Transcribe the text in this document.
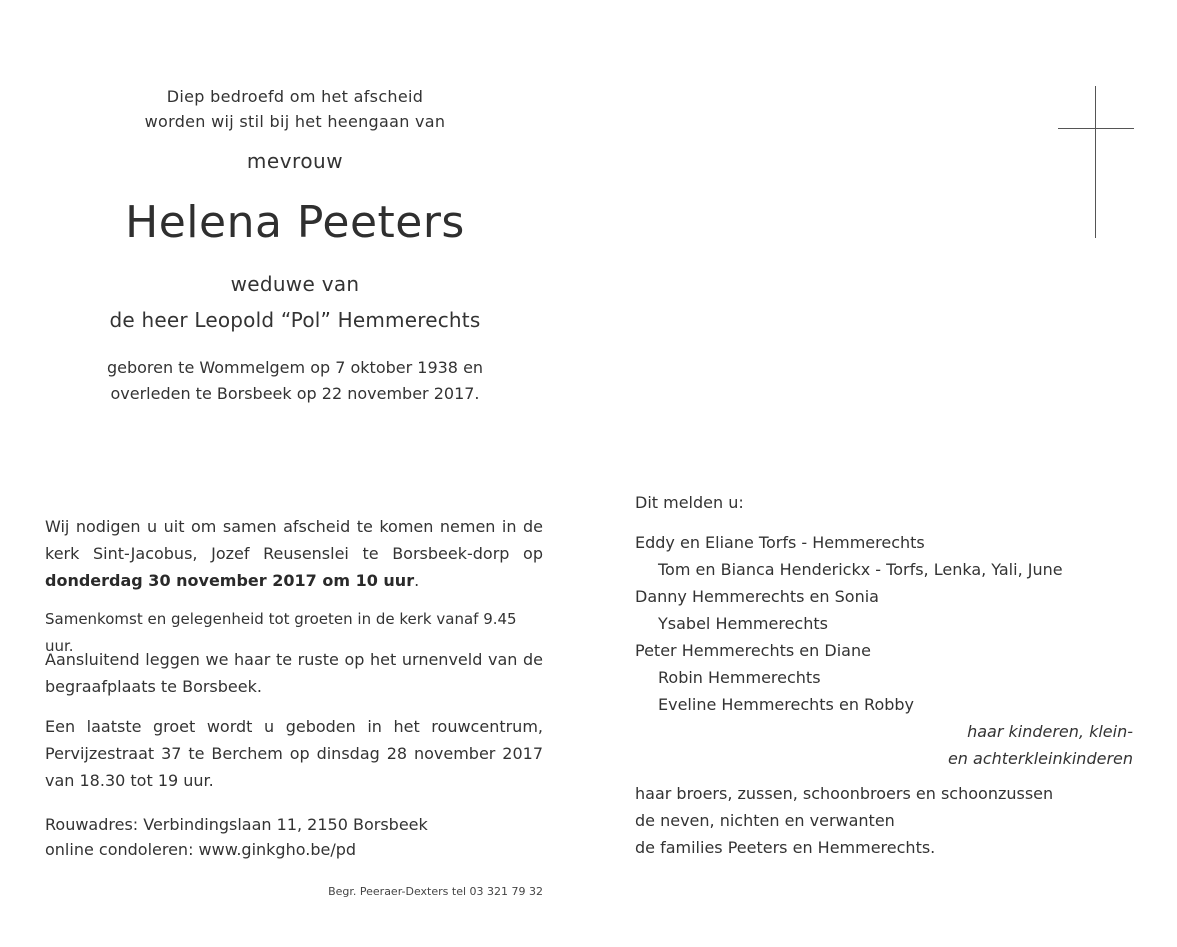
Diep bedroefd om het afscheid
worden wij stil bij het heengaan van
mevrouw
Helena Peeters
weduwe van
de heer Leopold “Pol” Hemmerechts
geboren te Wommelgem op 7 oktober 1938 en
overleden te Borsbeek op 22 november 2017.
Wij nodigen u uit om samen afscheid te komen nemen in de kerk Sint-Jacobus, Jozef Reusenslei te Borsbeek-dorp op donderdag 30 november 2017 om 10 uur.
Samenkomst en gelegenheid tot groeten in de kerk vanaf 9.45 uur.
Aansluitend leggen we haar te ruste op het urnenveld van de begraafplaats te Borsbeek.
Een laatste groet wordt u geboden in het rouwcentrum, Pervijzestraat 37 te Berchem op dinsdag 28 november 2017 van 18.30 tot 19 uur.
Rouwadres: Verbindingslaan 11, 2150 Borsbeek
online condoleren: www.ginkgho.be/pd
Begr. Peeraer-Dexters tel 03 321 79 32
Dit melden u:
Eddy en Eliane Torfs - Hemmerechts
Tom en Bianca Henderickx - Torfs, Lenka, Yali, June
Danny Hemmerechts en Sonia
Ysabel Hemmerechts
Peter Hemmerechts en Diane
Robin Hemmerechts
Eveline Hemmerechts en Robby
haar kinderen, klein-
en achterkleinkinderen
haar broers, zussen, schoonbroers en schoonzussen
de neven, nichten en verwanten
de families Peeters en Hemmerechts.
